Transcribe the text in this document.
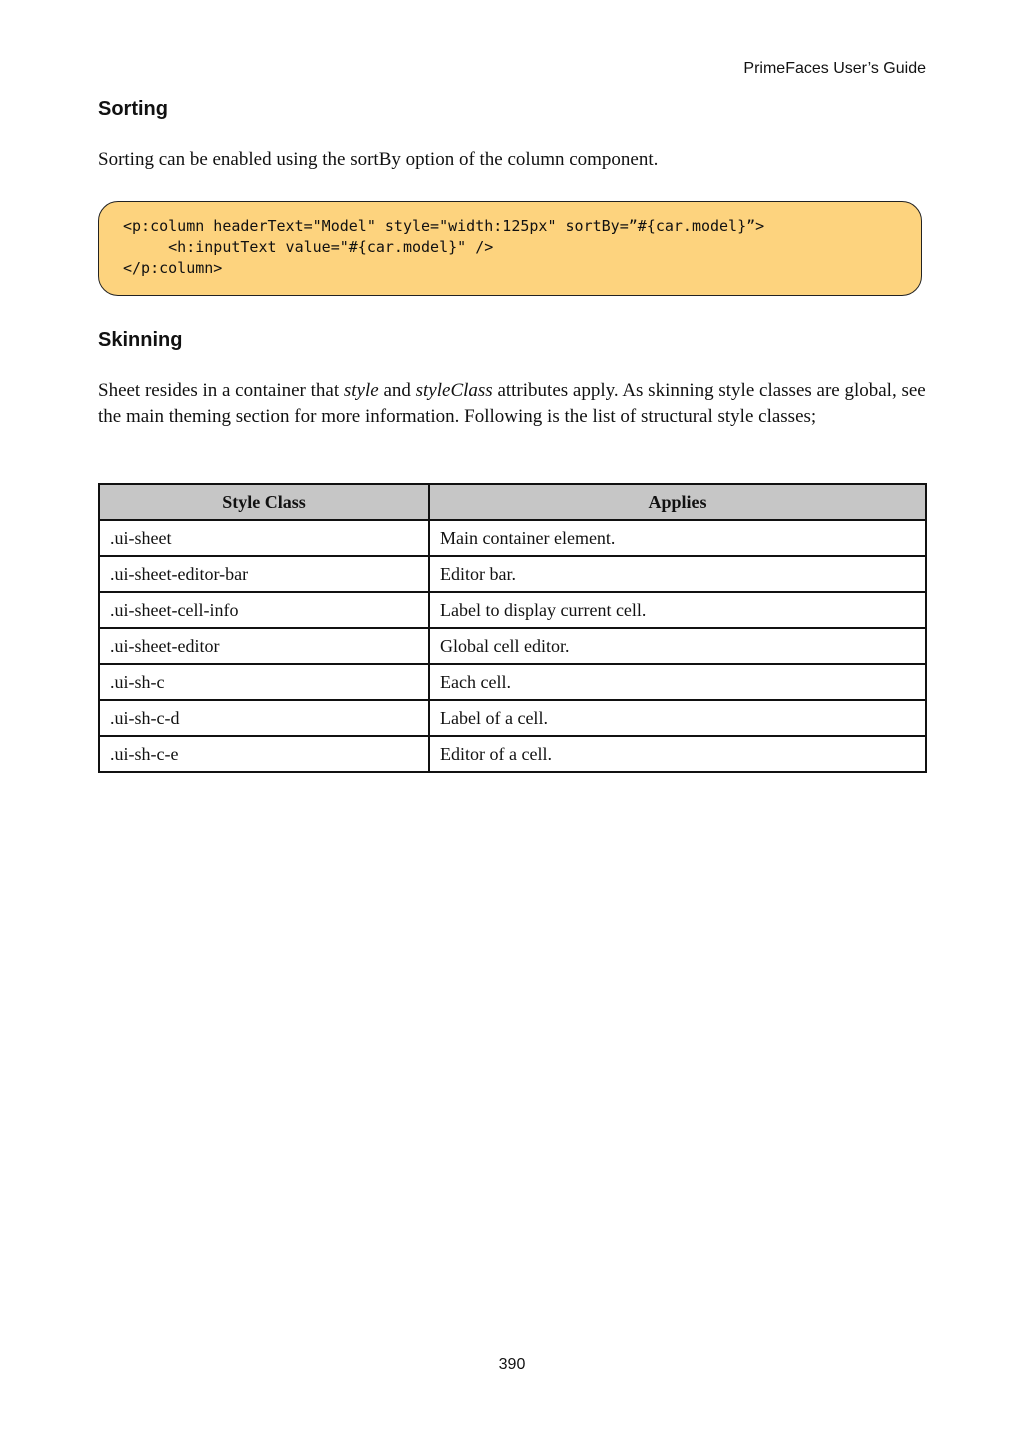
PrimeFaces User’s Guide
Sorting
Sorting can be enabled using the sortBy option of the column component.
<p:column headerText="Model" style="width:125px" sortBy=”#{car.model}”>
<h:inputText value="#{car.model}" />
</p:column>
Skinning
Sheet resides in a container that style and styleClass attributes apply. As skinning style classes are global, see the main theming section for more information. Following is the list of structural style classes;
Style Class	Applies
.ui-sheet	Main container element.
.ui-sheet-editor-bar	Editor bar.
.ui-sheet-cell-info	Label to display current cell.
.ui-sheet-editor	Global cell editor.
.ui-sh-c	Each cell.
.ui-sh-c-d	Label of a cell.
.ui-sh-c-e	Editor of a cell.
390
